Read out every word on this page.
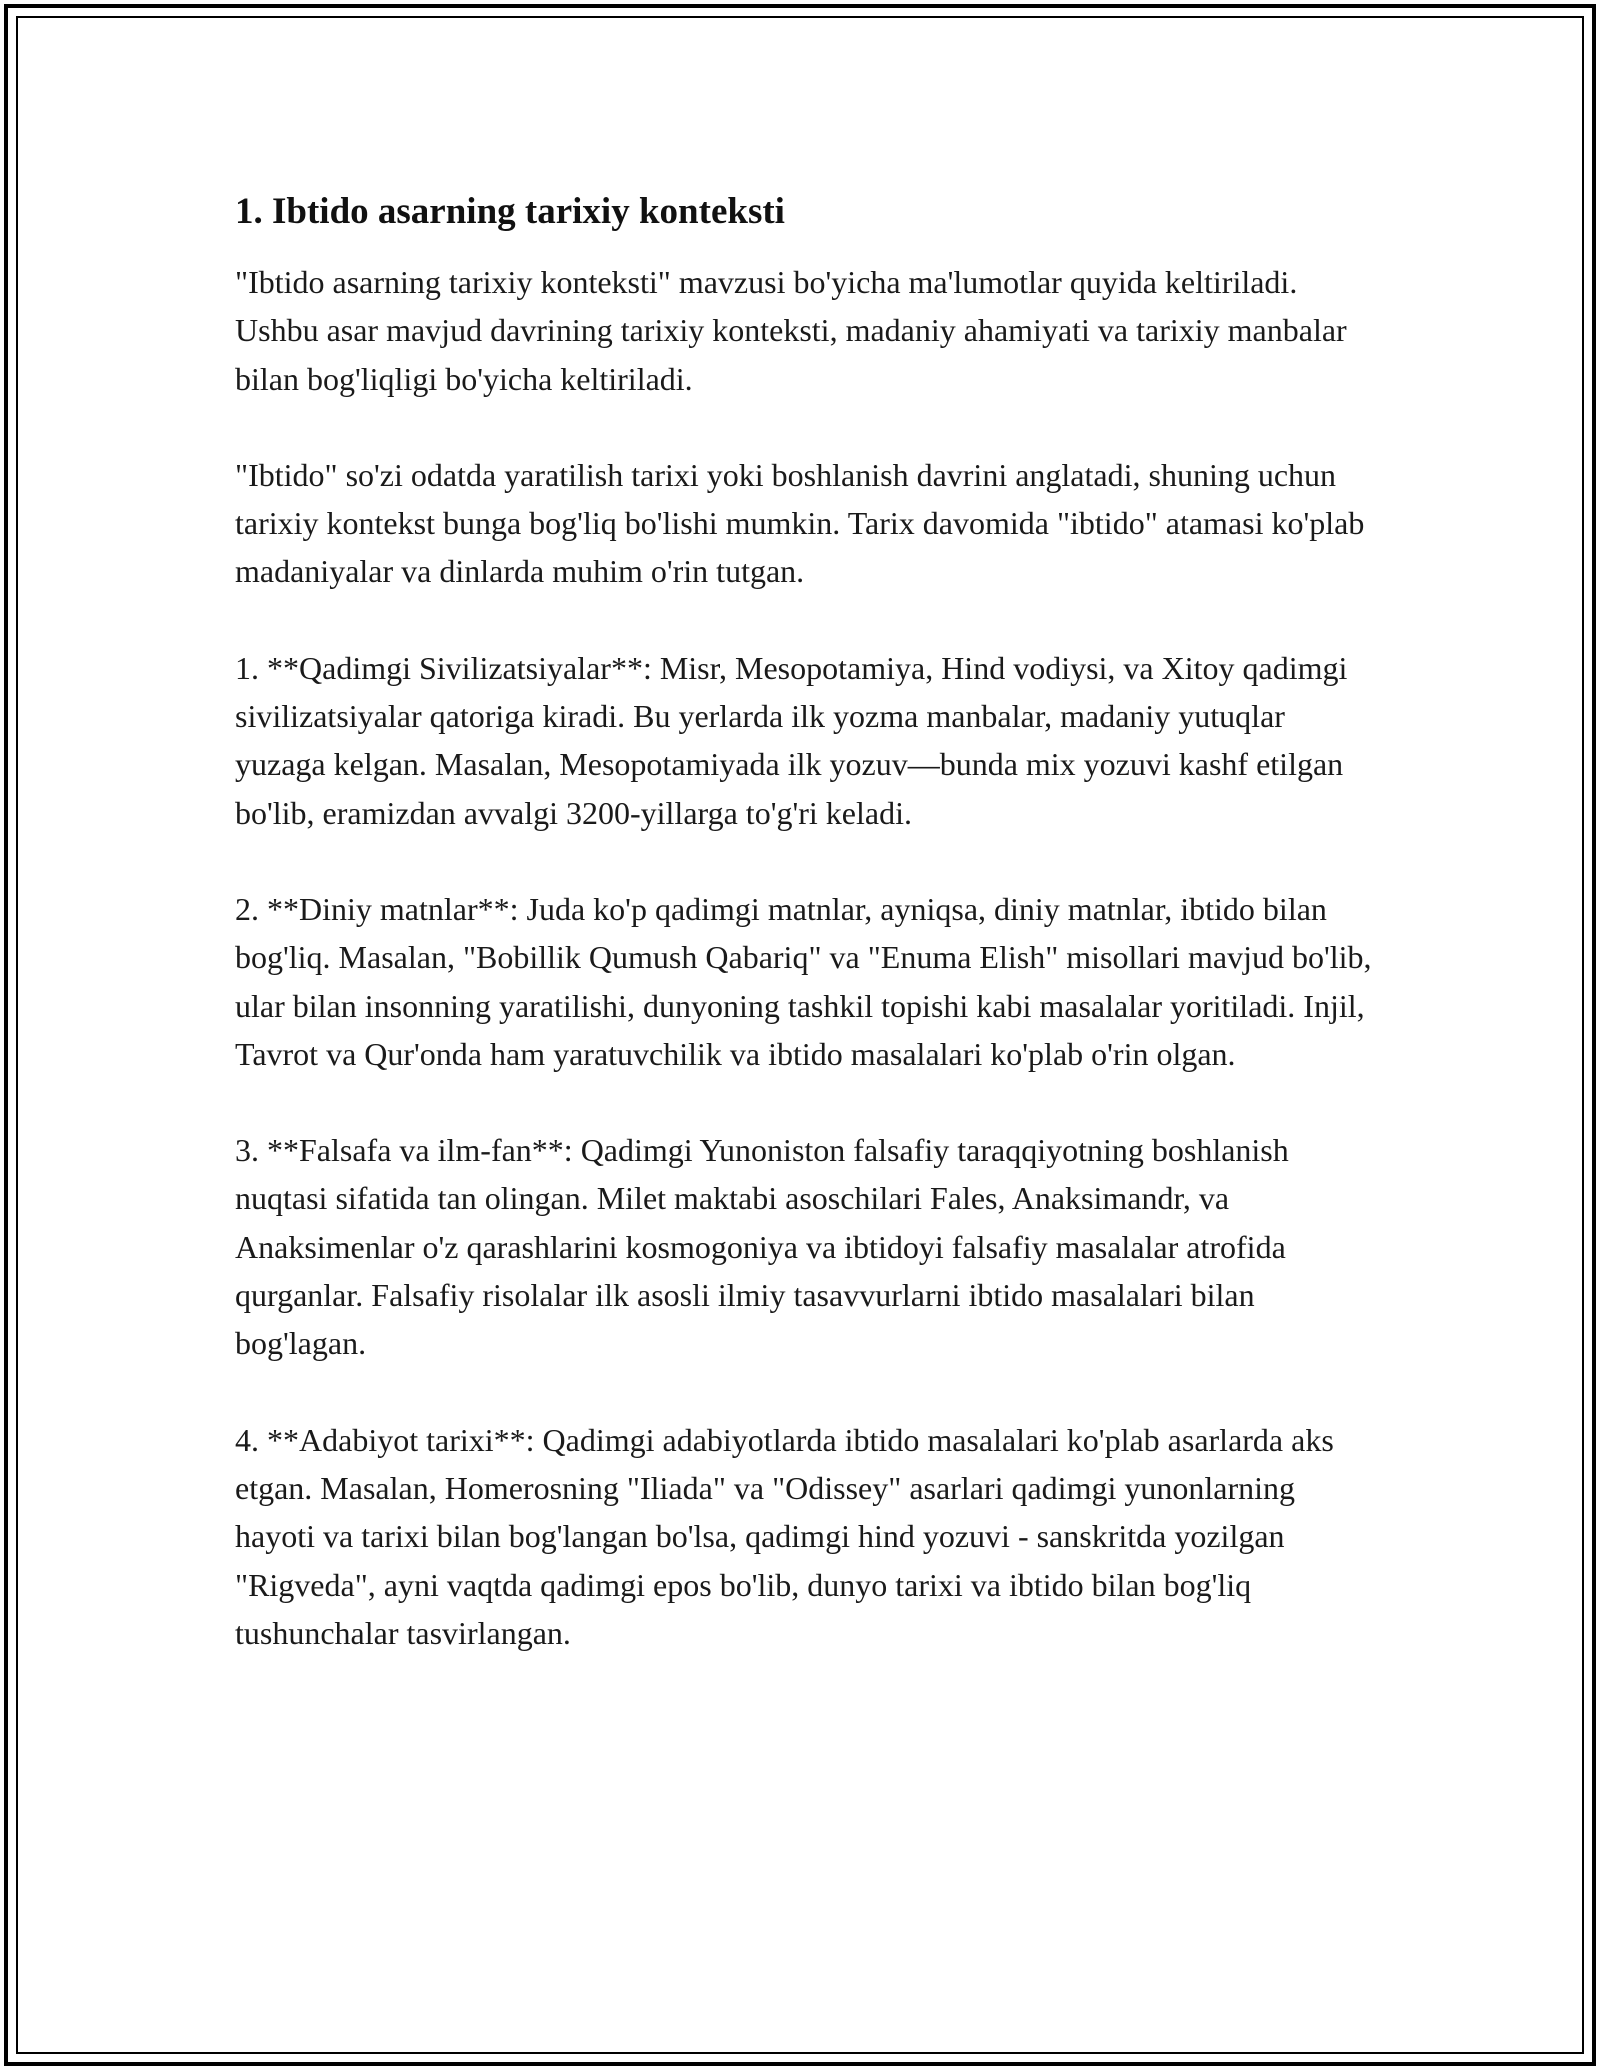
1. Ibtido asarning tarixiy konteksti

"Ibtido asarning tarixiy konteksti" mavzusi bo'yicha ma'lumotlar quyida keltiriladi. Ushbu asar mavjud davrining tarixiy konteksti, madaniy ahamiyati va tarixiy manbalar bilan bog'liqligi bo'yicha keltiriladi.

"Ibtido" so'zi odatda yaratilish tarixi yoki boshlanish davrini anglatadi, shuning uchun tarixiy kontekst bunga bog'liq bo'lishi mumkin. Tarix davomida "ibtido" atamasi ko'plab madaniyalar va dinlarda muhim o'rin tutgan.

1. **Qadimgi Sivilizatsiyalar**: Misr, Mesopotamiya, Hind vodiysi, va Xitoy qadimgi sivilizatsiyalar qatoriga kiradi. Bu yerlarda ilk yozma manbalar, madaniy yutuqlar yuzaga kelgan. Masalan, Mesopotamiyada ilk yozuv—bunda mix yozuvi kashf etilgan bo'lib, eramizdan avvalgi 3200-yillarga to'g'ri keladi.

2. **Diniy matnlar**: Juda ko'p qadimgi matnlar, ayniqsa, diniy matnlar, ibtido bilan bog'liq. Masalan, "Bobillik Qumush Qabariq" va "Enuma Elish" misollari mavjud bo'lib, ular bilan insonning yaratilishi, dunyoning tashkil topishi kabi masalalar yoritiladi. Injil, Tavrot va Qur'onda ham yaratuvchilik va ibtido masalalari ko'plab o'rin olgan.

3. **Falsafa va ilm-fan**: Qadimgi Yunoniston falsafiy taraqqiyotning boshlanish nuqtasi sifatida tan olingan. Milet maktabi asoschilari Fales, Anaksimandr, va Anaksimenlar o'z qarashlarini kosmogoniya va ibtidoyi falsafiy masalalar atrofida qurganlar. Falsafiy risolalar ilk asosli ilmiy tasavvurlarni ibtido masalalari bilan bog'lagan.

4. **Adabiyot tarixi**: Qadimgi adabiyotlarda ibtido masalalari ko'plab asarlarda aks etgan. Masalan, Homerosning "Iliada" va "Odissey" asarlari qadimgi yunonlarning hayoti va tarixi bilan bog'langan bo'lsa, qadimgi hind yozuvi - sanskritda yozilgan "Rigveda", ayni vaqtda qadimgi epos bo'lib, dunyo tarixi va ibtido bilan bog'liq tushunchalar tasvirlangan.
